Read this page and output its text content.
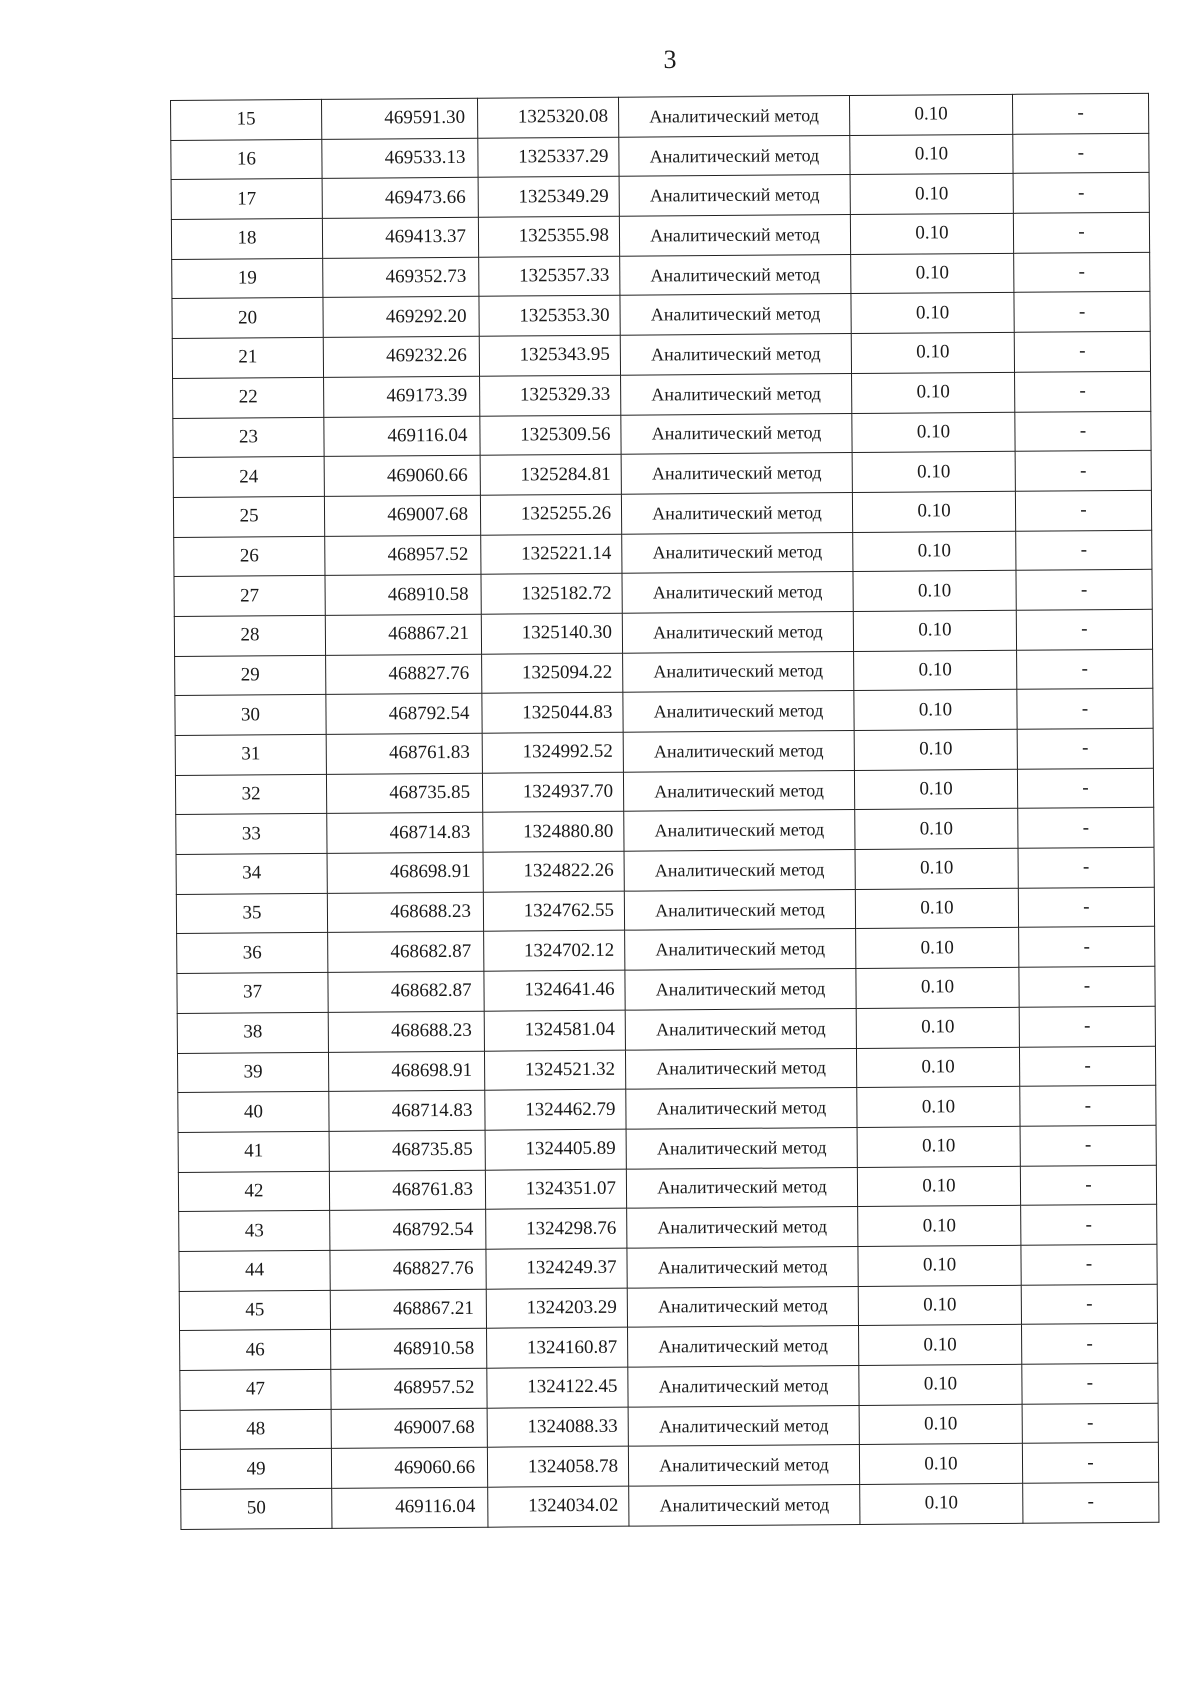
3
15	469591.30	1325320.08	Аналитический метод	0.10	-
16	469533.13	1325337.29	Аналитический метод	0.10	-
17	469473.66	1325349.29	Аналитический метод	0.10	-
18	469413.37	1325355.98	Аналитический метод	0.10	-
19	469352.73	1325357.33	Аналитический метод	0.10	-
20	469292.20	1325353.30	Аналитический метод	0.10	-
21	469232.26	1325343.95	Аналитический метод	0.10	-
22	469173.39	1325329.33	Аналитический метод	0.10	-
23	469116.04	1325309.56	Аналитический метод	0.10	-
24	469060.66	1325284.81	Аналитический метод	0.10	-
25	469007.68	1325255.26	Аналитический метод	0.10	-
26	468957.52	1325221.14	Аналитический метод	0.10	-
27	468910.58	1325182.72	Аналитический метод	0.10	-
28	468867.21	1325140.30	Аналитический метод	0.10	-
29	468827.76	1325094.22	Аналитический метод	0.10	-
30	468792.54	1325044.83	Аналитический метод	0.10	-
31	468761.83	1324992.52	Аналитический метод	0.10	-
32	468735.85	1324937.70	Аналитический метод	0.10	-
33	468714.83	1324880.80	Аналитический метод	0.10	-
34	468698.91	1324822.26	Аналитический метод	0.10	-
35	468688.23	1324762.55	Аналитический метод	0.10	-
36	468682.87	1324702.12	Аналитический метод	0.10	-
37	468682.87	1324641.46	Аналитический метод	0.10	-
38	468688.23	1324581.04	Аналитический метод	0.10	-
39	468698.91	1324521.32	Аналитический метод	0.10	-
40	468714.83	1324462.79	Аналитический метод	0.10	-
41	468735.85	1324405.89	Аналитический метод	0.10	-
42	468761.83	1324351.07	Аналитический метод	0.10	-
43	468792.54	1324298.76	Аналитический метод	0.10	-
44	468827.76	1324249.37	Аналитический метод	0.10	-
45	468867.21	1324203.29	Аналитический метод	0.10	-
46	468910.58	1324160.87	Аналитический метод	0.10	-
47	468957.52	1324122.45	Аналитический метод	0.10	-
48	469007.68	1324088.33	Аналитический метод	0.10	-
49	469060.66	1324058.78	Аналитический метод	0.10	-
50	469116.04	1324034.02	Аналитический метод	0.10	-
